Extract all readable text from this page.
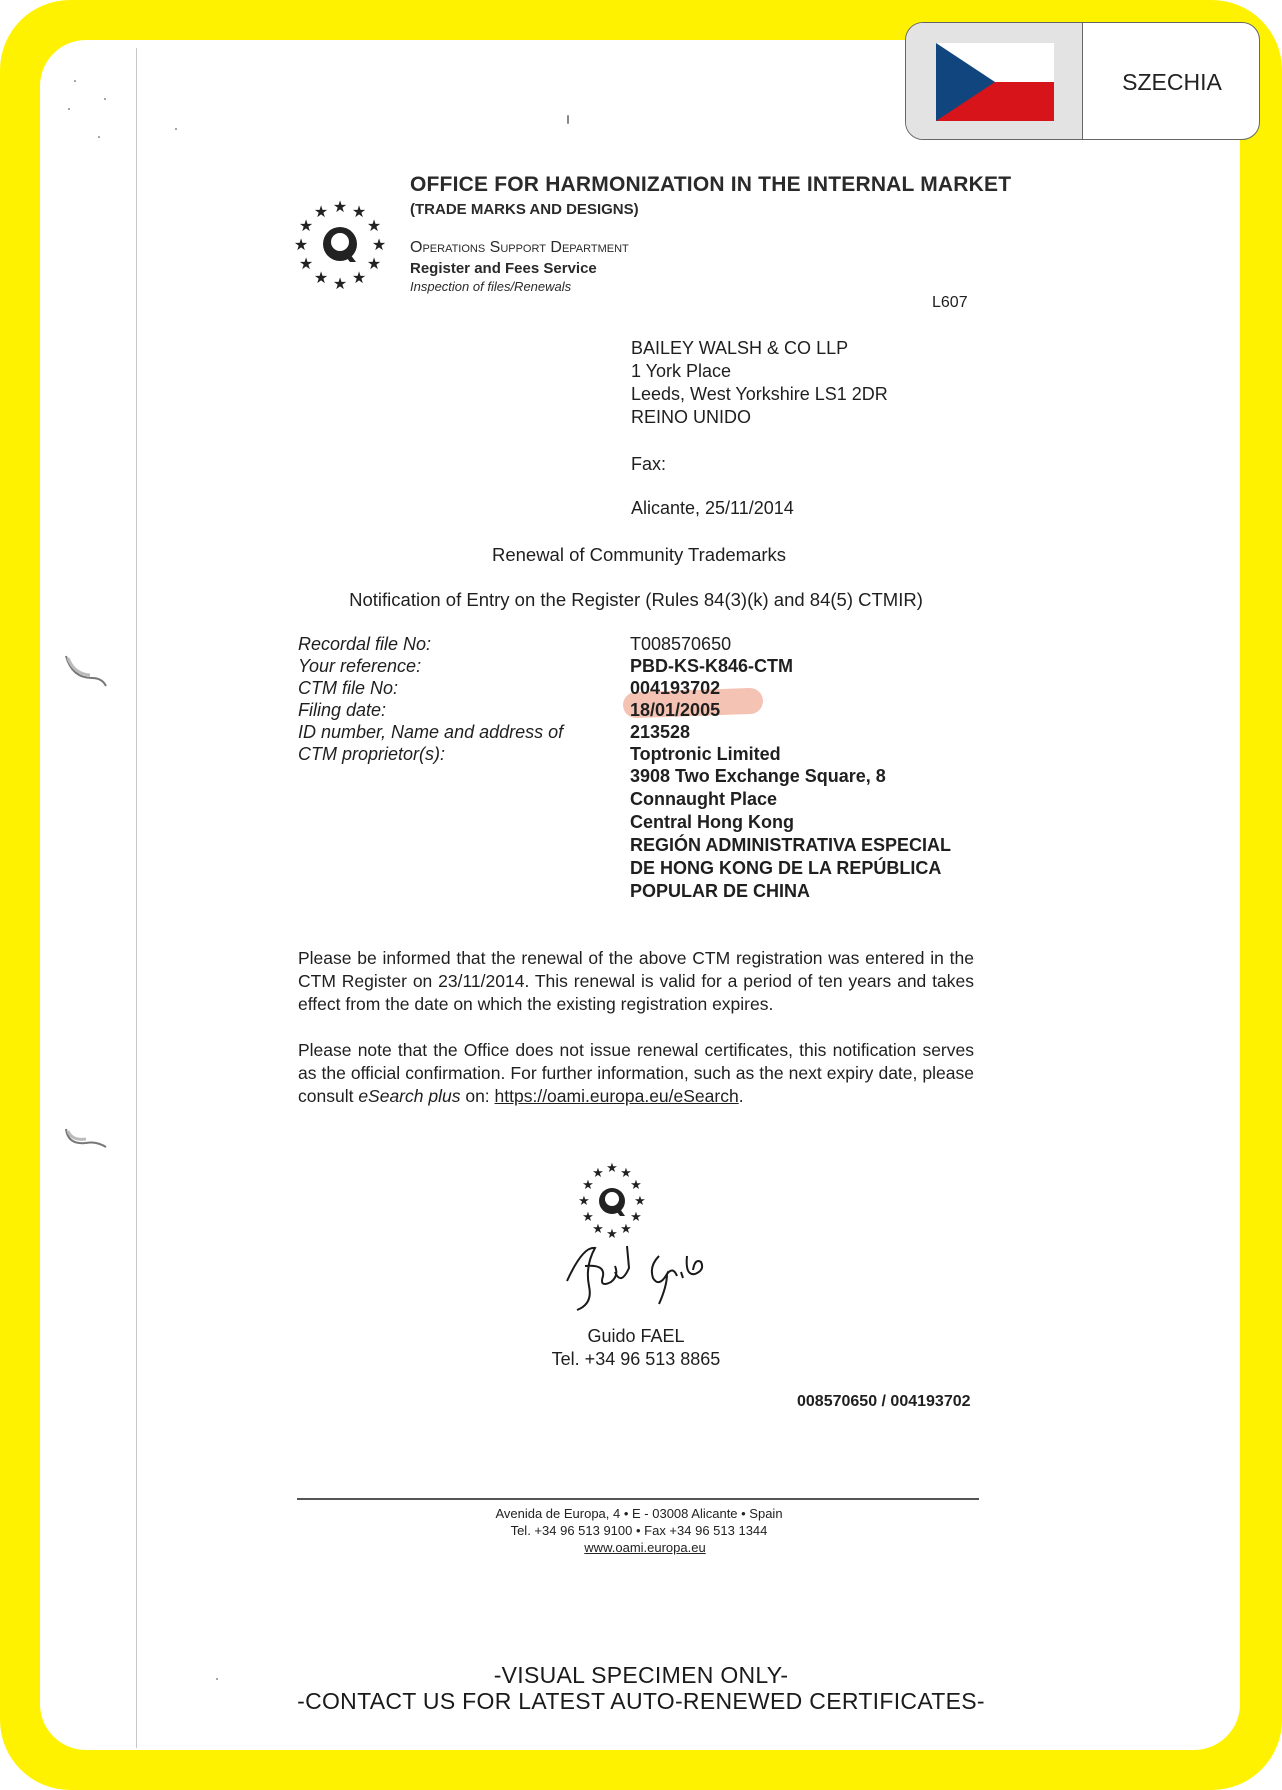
SZECHIA
★ ★
★
★
★
★
★
★
★
★
★
★
OFFICE FOR HARMONIZATION IN THE INTERNAL MARKET
(TRADE MARKS AND DESIGNS)
Operations Support Department
Register and Fees Service
Inspection of files/Renewals
L607
BAILEY WALSH & CO LLP
1 York Place
Leeds, West Yorkshire LS1 2DR
REINO UNIDO
Fax:
Alicante, 25/11/2014
Renewal of Community Trademarks
Notification of Entry on the Register (Rules 84(3)(k) and 84(5) CTMIR)
Recordal file No:
Your reference:
CTM file No:
Filing date:
ID number, Name and address of
CTM proprietor(s):
T008570650
PBD-KS-K846-CTM
004193702
18/01/2005
213528
Toptronic Limited
3908 Two Exchange Square, 8
Connaught Place
Central Hong Kong
REGIÓN ADMINISTRATIVA ESPECIAL
DE HONG KONG DE LA REPÚBLICA
POPULAR DE CHINA
Please be informed that the renewal of the above CTM registration was entered in the CTM Register on 23/11/2014. This renewal is valid for a period of ten years and takes effect from the date on which the existing registration expires.
Please note that the Office does not issue renewal certificates, this notification serves as the official confirmation. For further information, such as the next expiry date, please consult eSearch plus on: https://oami.europa.eu/eSearch.
★ ★
★
★
★
★
★
★
★
★
★
★
Guido FAEL
Tel. +34 96 513 8865
008570650 / 004193702
Avenida de Europa, 4 • E - 03008 Alicante • Spain
Tel. +34 96 513 9100 • Fax +34 96 513 1344
www.oami.europa.eu
-VISUAL SPECIMEN ONLY-
-CONTACT US FOR LATEST AUTO-RENEWED CERTIFICATES-
